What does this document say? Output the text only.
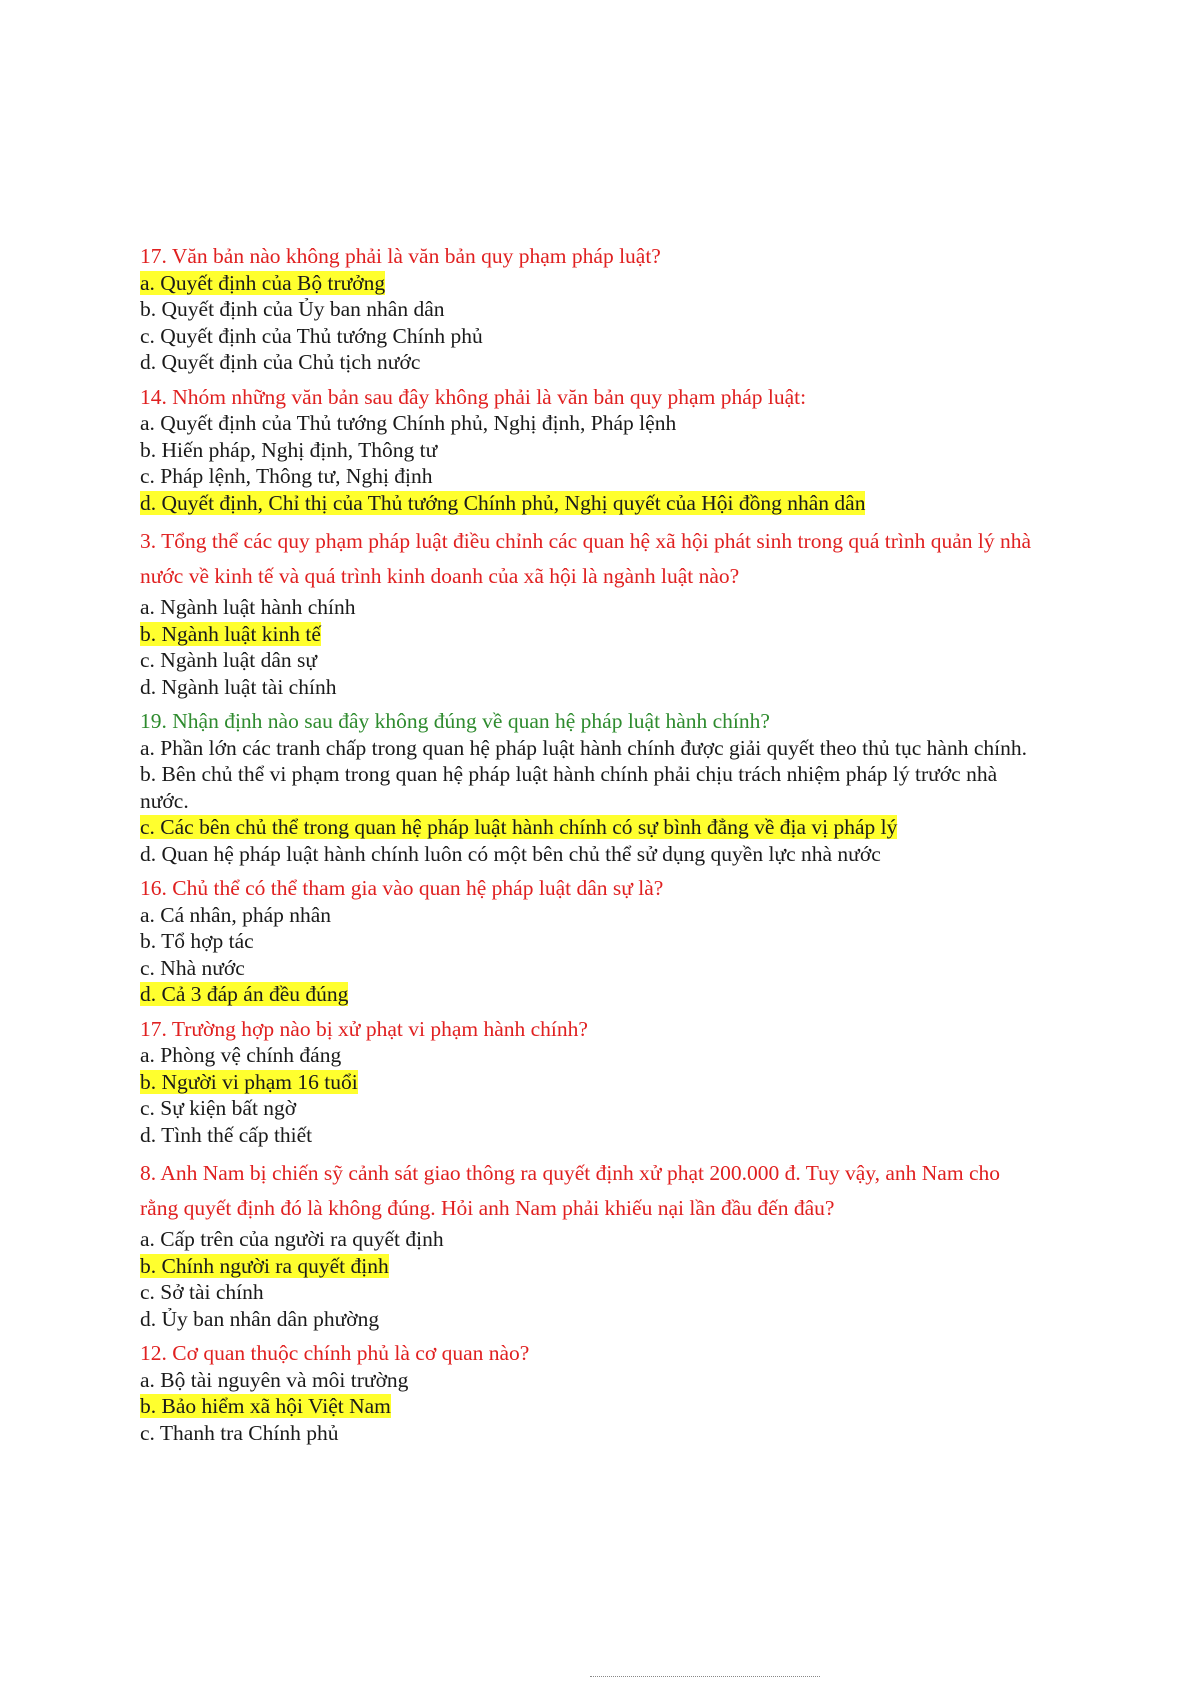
17. Văn bản nào không phải là văn bản quy phạm pháp luật?
a. Quyết định của Bộ trưởng
b. Quyết định của Ủy ban nhân dân
c. Quyết định của Thủ tướng Chính phủ
d. Quyết định của Chủ tịch nước
14. Nhóm những văn bản sau đây không phải là văn bản quy phạm pháp luật:
a. Quyết định của Thủ tướng Chính phủ, Nghị định, Pháp lệnh
b. Hiến pháp, Nghị định, Thông tư
c. Pháp lệnh, Thông tư, Nghị định
d. Quyết định, Chỉ thị của Thủ tướng Chính phủ, Nghị quyết của Hội đồng nhân dân
3. Tổng thể các quy phạm pháp luật điều chỉnh các quan hệ xã hội phát sinh trong quá trình quản lý nhà nước về kinh tế và quá trình kinh doanh của xã hội là ngành luật nào?
a. Ngành luật hành chính
b. Ngành luật kinh tế
c. Ngành luật dân sự
d. Ngành luật tài chính
19. Nhận định nào sau đây không đúng về quan hệ pháp luật hành chính?
a. Phần lớn các tranh chấp trong quan hệ pháp luật hành chính được giải quyết theo thủ tục hành chính.
b. Bên chủ thể vi phạm trong quan hệ pháp luật hành chính phải chịu trách nhiệm pháp lý trước nhà nước.
c. Các bên chủ thể trong quan hệ pháp luật hành chính có sự bình đẳng về địa vị pháp lý
d. Quan hệ pháp luật hành chính luôn có một bên chủ thể sử dụng quyền lực nhà nước
16. Chủ thể có thể tham gia vào quan hệ pháp luật dân sự là?
a. Cá nhân, pháp nhân
b. Tổ hợp tác
c. Nhà nước
d. Cả 3 đáp án đều đúng
17. Trường hợp nào bị xử phạt vi phạm hành chính?
a. Phòng vệ chính đáng
b. Người vi phạm 16 tuổi
c. Sự kiện bất ngờ
d. Tình thế cấp thiết
8. Anh Nam bị chiến sỹ cảnh sát giao thông ra quyết định xử phạt 200.000 đ. Tuy vậy, anh Nam cho rằng quyết định đó là không đúng. Hỏi anh Nam phải khiếu nại lần đầu đến đâu?
a. Cấp trên của người ra quyết định
b. Chính người ra quyết định
c. Sở tài chính
d. Ủy ban nhân dân phường
12. Cơ quan thuộc chính phủ là cơ quan nào?
a. Bộ tài nguyên và môi trường
b. Bảo hiểm xã hội Việt Nam
c. Thanh tra Chính phủ
